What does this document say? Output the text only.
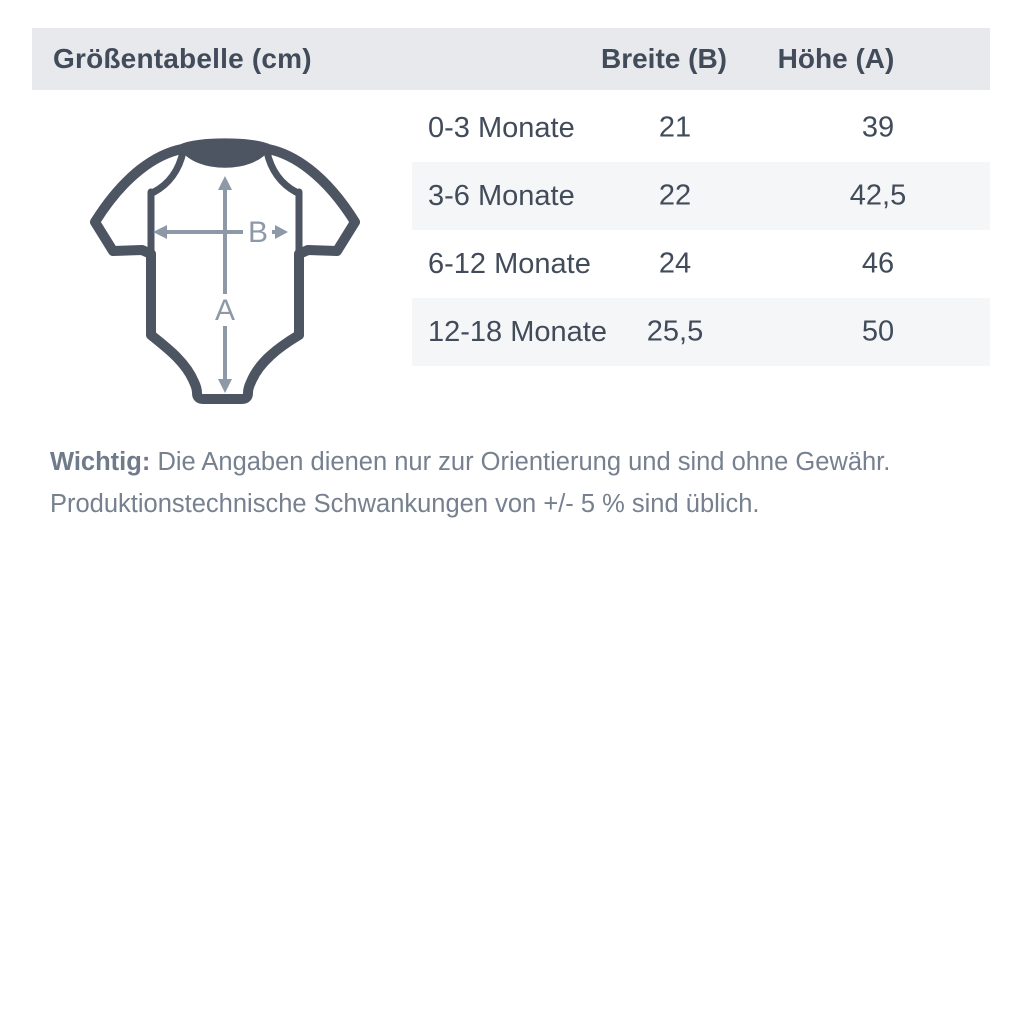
Größentabelle (cm)	Breite (B) Höhe (A)
0-3 Monate	21	39
3-6 Monate	22	42,5
6-12 Monate 24	46
12-18 Monate 25,5	50
A
B
Wichtig: Die Angaben dienen nur zur Orientierung und sind ohne Gewähr.
Produktionstechnische Schwankungen von +/- 5 % sind üblich.
